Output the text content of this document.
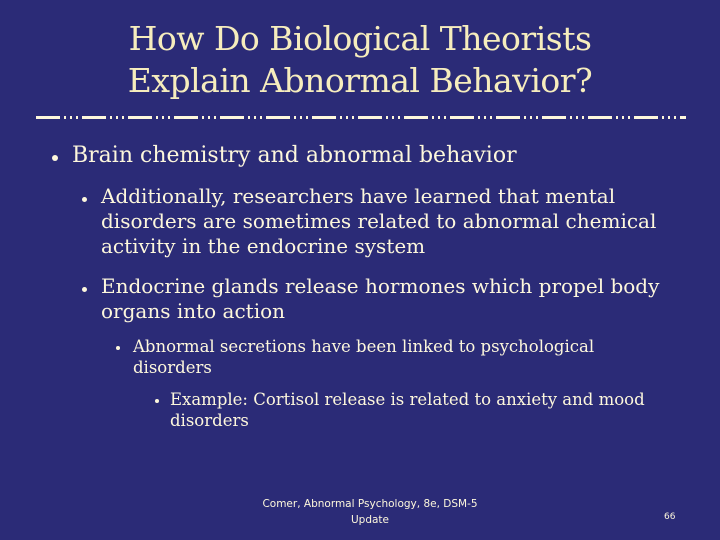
How Do Biological Theorists
Explain Abnormal Behavior?
Brain chemistry and abnormal behavior
Additionally, researchers have learned that mental disorders are sometimes related to abnormal chemical activity in the endocrine system
Endocrine glands release hormones which propel body organs into action
Abnormal secretions have been linked to psychological disorders
Example: Cortisol release is related to anxiety and mood disorders
Comer, Abnormal Psychology, 8e, DSM-5
Update	66
